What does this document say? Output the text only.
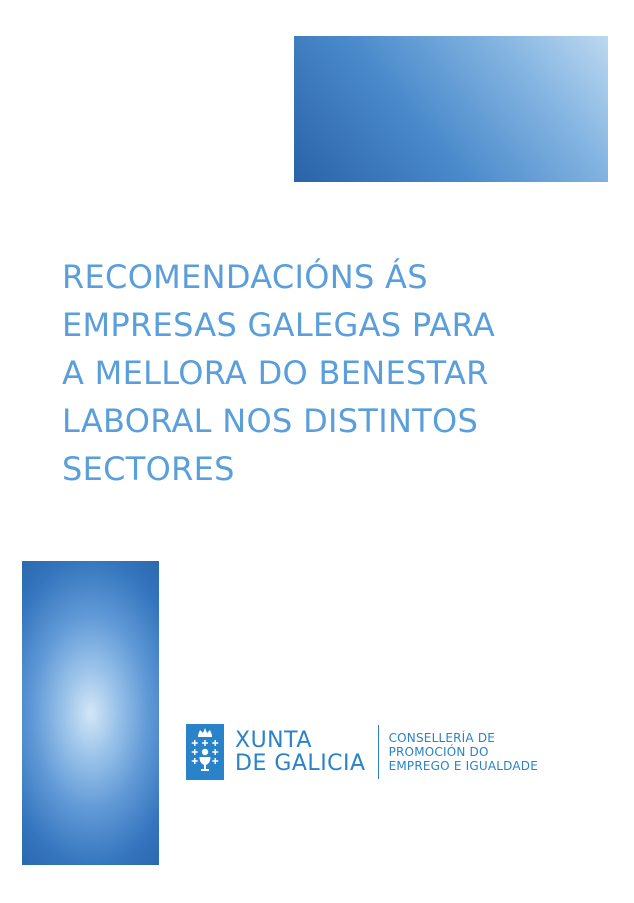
RECOMENDACIÓNS ÁS
EMPRESAS GALEGAS PARA
A MELLORA DO BENESTAR
LABORAL NOS DISTINTOS
SECTORES
XUNTA
DE GALICIA
CONSELLERÍA DE
PROMOCIÓN DO
EMPREGO E IGUALDADE
